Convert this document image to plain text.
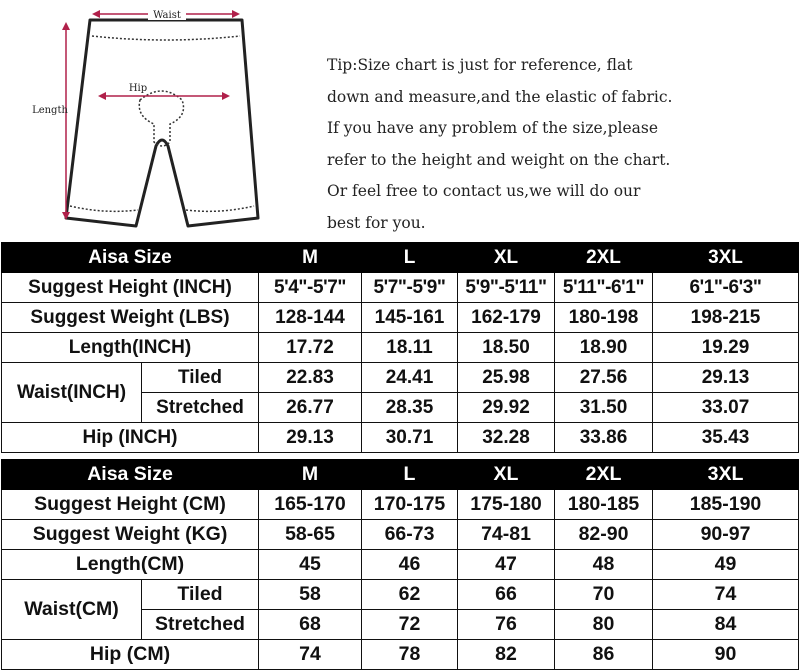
Waist
Hip
Length
Tip:Size chart is just for reference, flat
down and measure,and the elastic of fabric.
If you have any problem of the size,please
refer to the height and weight on the chart.
Or feel free to contact us,we will do our
best for you.
Aisa Size		M	L	XL	2XL	3XL
Suggest Height (INCH)		5'4"-5'7"	5'7"-5'9"	5'9"-5'11"	5'11"-6'1"	6'1"-6'3"
Suggest Weight (LBS)		128-144	145-161	162-179	180-198	198-215
Length(INCH)		17.72	18.11	18.50	18.90	19.29
Waist(INCH)	Tiled	22.83	24.41	25.98	27.56	29.13
	Stretched	26.77	28.35	29.92	31.50	33.07
Hip (INCH)		29.13	30.71	32.28	33.86	35.43
Aisa Size		M	L	XL	2XL	3XL
Suggest Height (CM)		165-170	170-175	175-180	180-185	185-190
Suggest Weight (KG)		58-65	66-73	74-81	82-90	90-97
Length(CM)		45	46	47	48	49
Waist(CM)	Tiled	58	62	66	70	74
	Stretched	68	72	76	80	84
Hip (CM)		74	78	82	86	90
